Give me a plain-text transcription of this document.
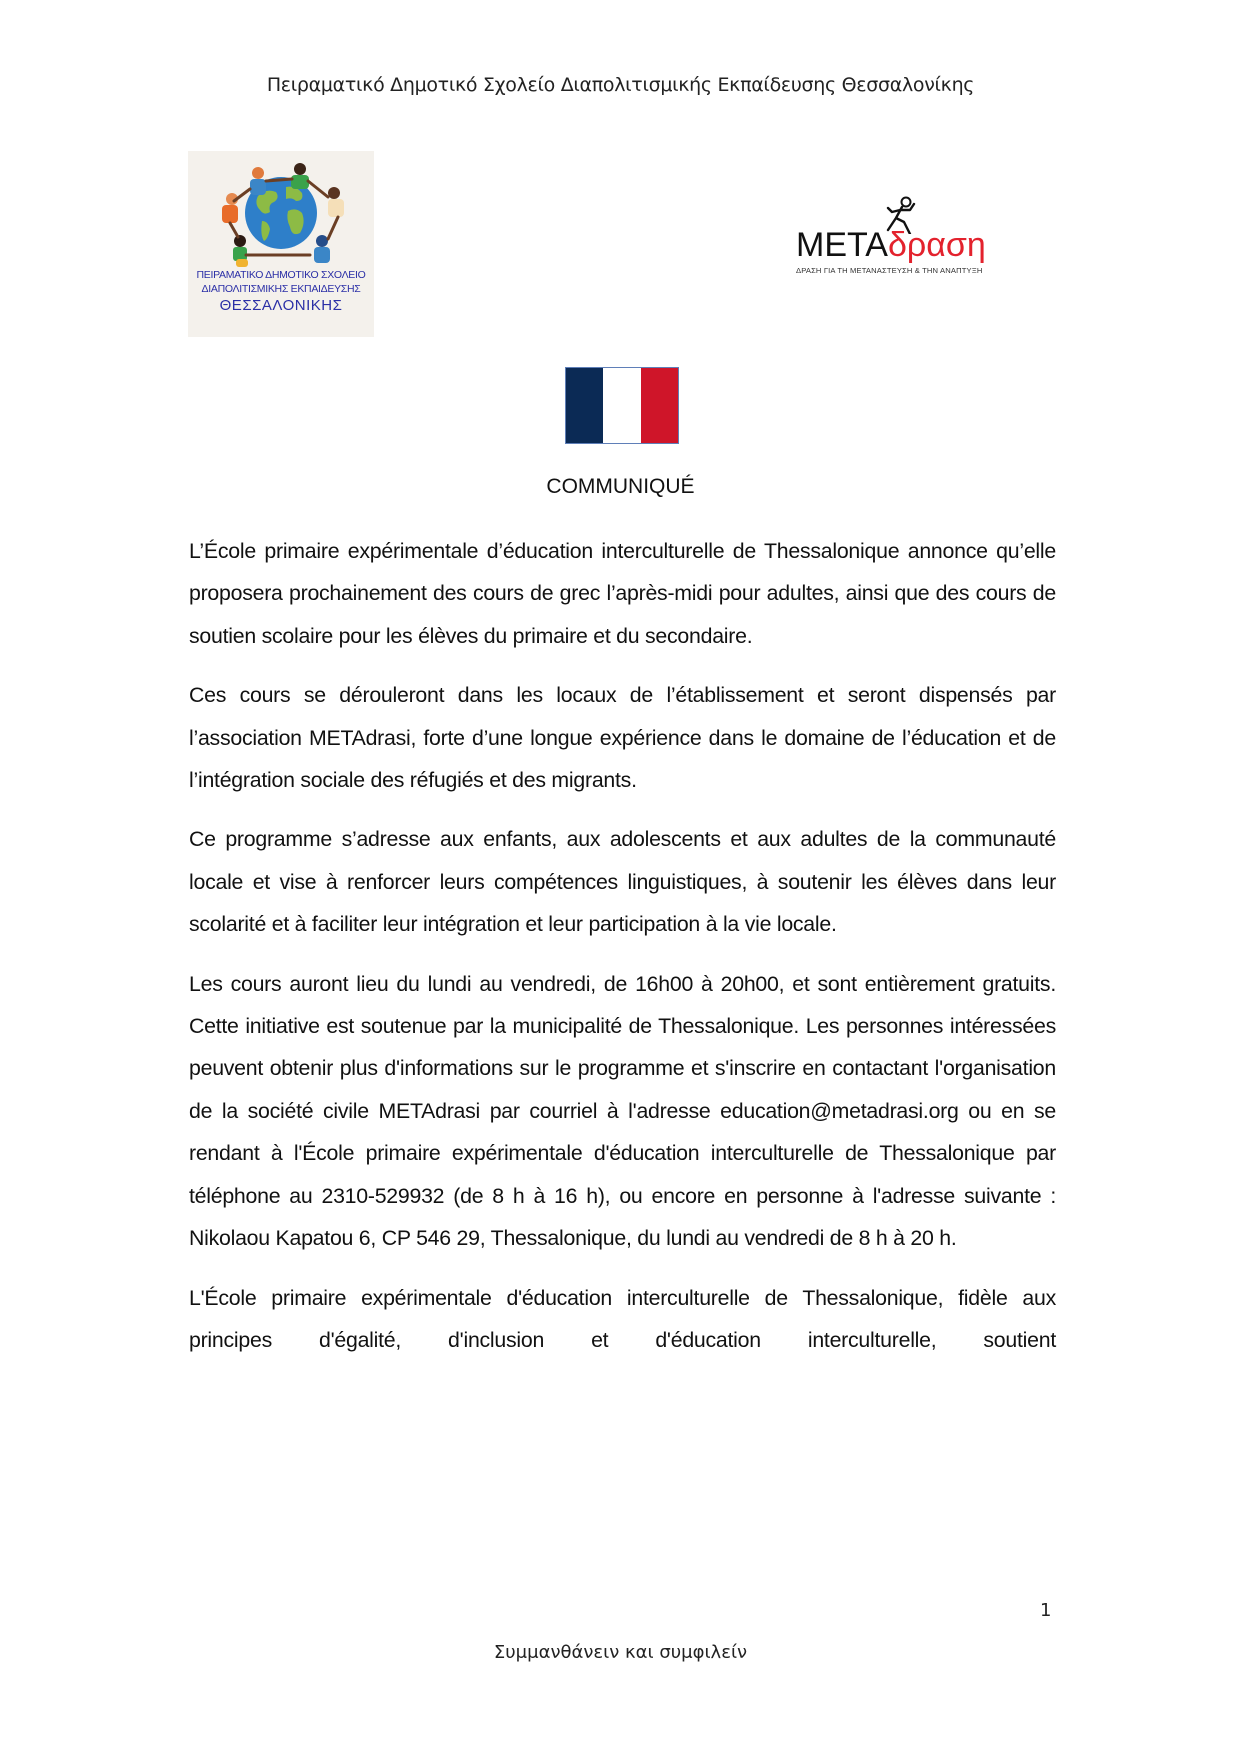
Πειραματικό Δημοτικό Σχολείο Διαπολιτισμικής Εκπαίδευσης Θεσσαλονίκης
ΠΕΙΡΑΜΑΤΙΚΟ ΔΗΜΟΤΙΚΟ ΣΧΟΛΕΙΟ
ΔΙΑΠΟΛΙΤΙΣΜΙΚΗΣ ΕΚΠΑΙΔΕΥΣΗΣ
ΘΕΣΣΑΛΟΝΙΚΗΣ
METAδραση
ΔΡΑΣΗ ΓΙΑ ΤΗ ΜΕΤΑΝΑΣΤΕΥΣΗ & ΤΗΝ ΑΝΑΠΤΥΞΗ
COMMUNIQUÉ

L’École primaire expérimentale d’éducation interculturelle de Thessalonique annonce qu’elle proposera prochainement des cours de grec l’après-midi pour adultes, ainsi que des cours de soutien scolaire pour les élèves du primaire et du secondaire.

Ces cours se dérouleront dans les locaux de l’établissement et seront dispensés par l’association METAdrasi, forte d’une longue expérience dans le domaine de l’éducation et de l’intégration sociale des réfugiés et des migrants.

Ce programme s’adresse aux enfants, aux adolescents et aux adultes de la communauté locale et vise à renforcer leurs compétences linguistiques, à soutenir les élèves dans leur scolarité et à faciliter leur intégration et leur participation à la vie locale.

Les cours auront lieu du lundi au vendredi, de 16h00 à 20h00, et sont entièrement gratuits. Cette initiative est soutenue par la municipalité de Thessalonique. Les personnes intéressées peuvent obtenir plus d'informations sur le programme et s'inscrire en contactant l'organisation de la société civile METAdrasi par courriel à l'adresse education@metadrasi.org ou en se rendant à l'École primaire expérimentale d'éducation interculturelle de Thessalonique par téléphone au 2310-529932 (de 8 h à 16 h), ou encore en personne à l'adresse suivante : Nikolaou Kapatou 6, CP 546 29, Thessalonique, du lundi au vendredi de 8 h à 20 h.

L'École primaire expérimentale d'éducation interculturelle de Thessalonique, fidèle aux principes d'égalité, d'inclusion et d'éducation interculturelle, soutient

1
Συμμανθάνειν και συμφιλείν
